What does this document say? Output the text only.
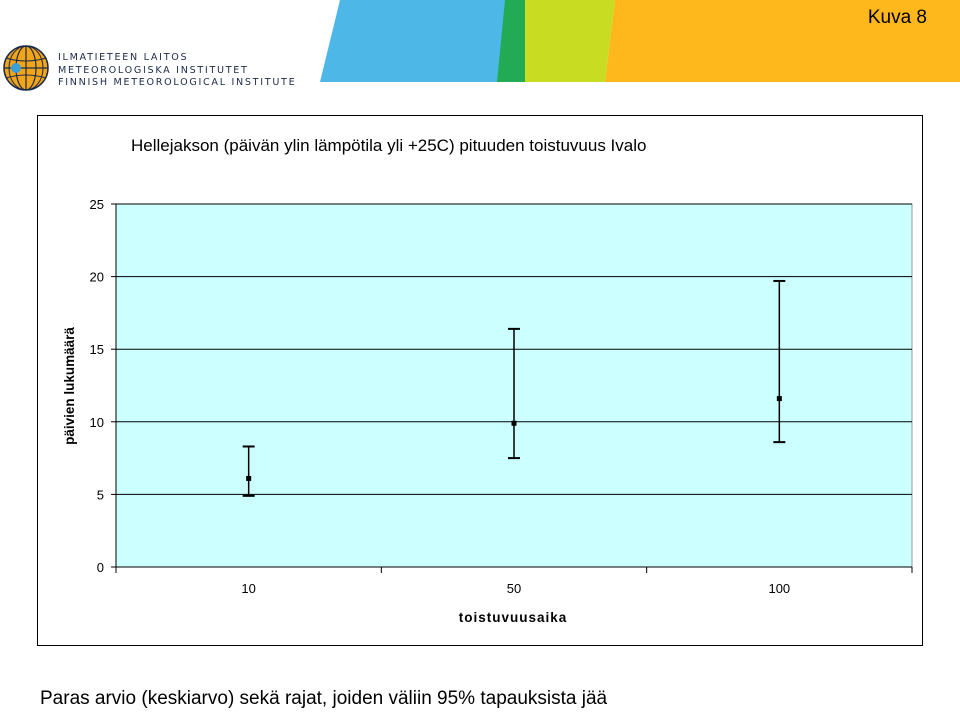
Kuva 8
ILMATIETEEN LAITOS
METEOROLOGISKA INSTITUTET
FINNISH METEOROLOGICAL INSTITUTE
0
5
10
15
20
25
10	50	100
Hellejakson (päivän ylin lämpötila yli +25C) pituuden toistuvuus Ivalo
toistuvuusaika
päivien lukumäärä
Paras arvio (keskiarvo) sekä rajat, joiden väliin 95% tapauksista jää
